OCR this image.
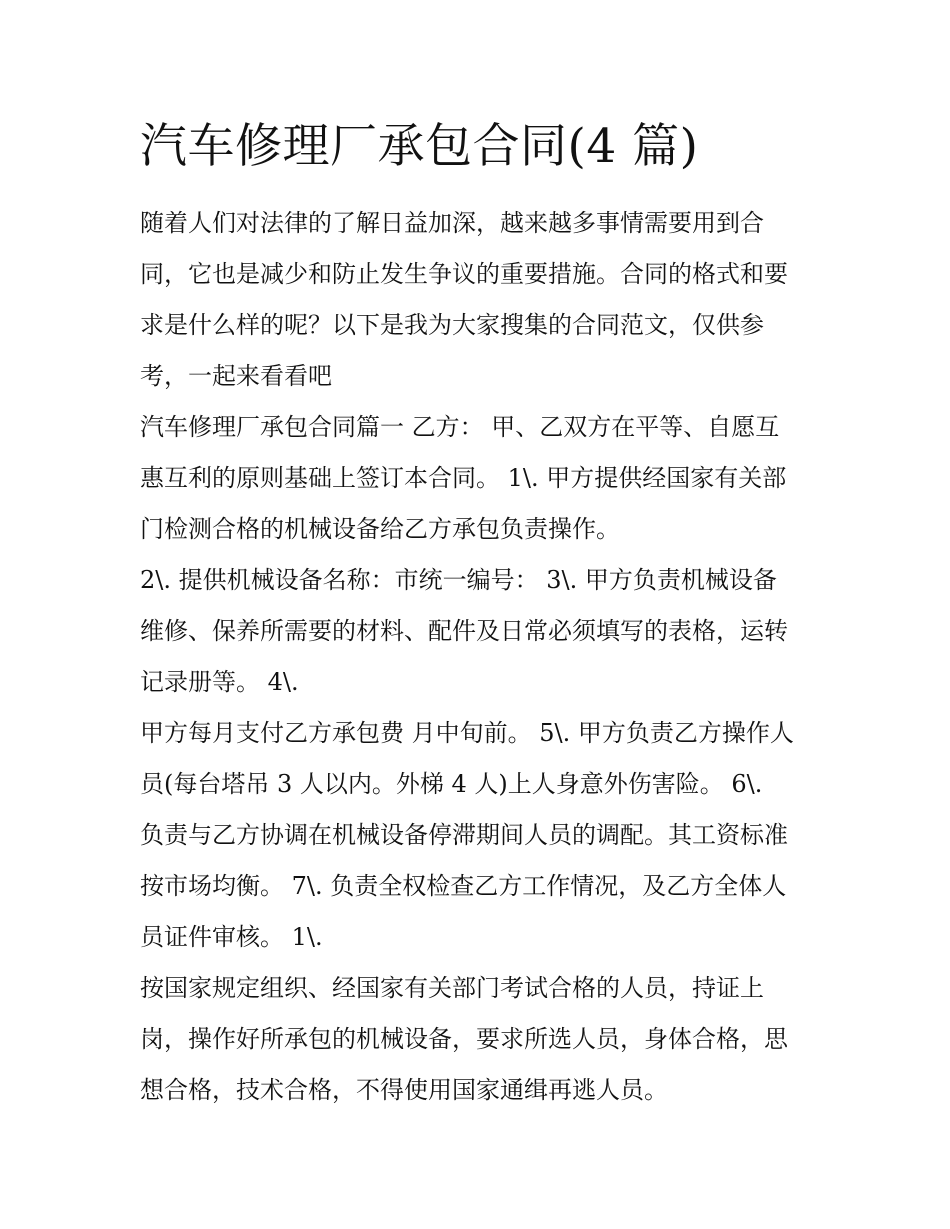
汽车修理厂承包合同(4 篇)

随着人们对法律的了解日益加深，越来越多事情需要用到合
同，它也是减少和防止发生争议的重要措施。合同的格式和要
求是什么样的呢？以下是我为大家搜集的合同范文，仅供参
考，一起来看看吧

汽车修理厂承包合同篇一 乙方： 甲、乙双方在平等、自愿互
惠互利的原则基础上签订本合同。 1\. 甲方提供经国家有关部
门检测合格的机械设备给乙方承包负责操作。

2\. 提供机械设备名称：市统一编号： 3\. 甲方负责机械设备
维修、保养所需要的材料、配件及日常必须填写的表格，运转
记录册等。 4\.

甲方每月支付乙方承包费 月中旬前。 5\. 甲方负责乙方操作人
员(每台塔吊 3 人以内。外梯 4 人)上人身意外伤害险。 6\.

负责与乙方协调在机械设备停滞期间人员的调配。其工资标准
按市场均衡。 7\. 负责全权检查乙方工作情况，及乙方全体人
员证件审核。 1\.

按国家规定组织、经国家有关部门考试合格的人员，持证上
岗，操作好所承包的机械设备，要求所选人员，身体合格，思
想合格，技术合格，不得使用国家通缉再逃人员。
